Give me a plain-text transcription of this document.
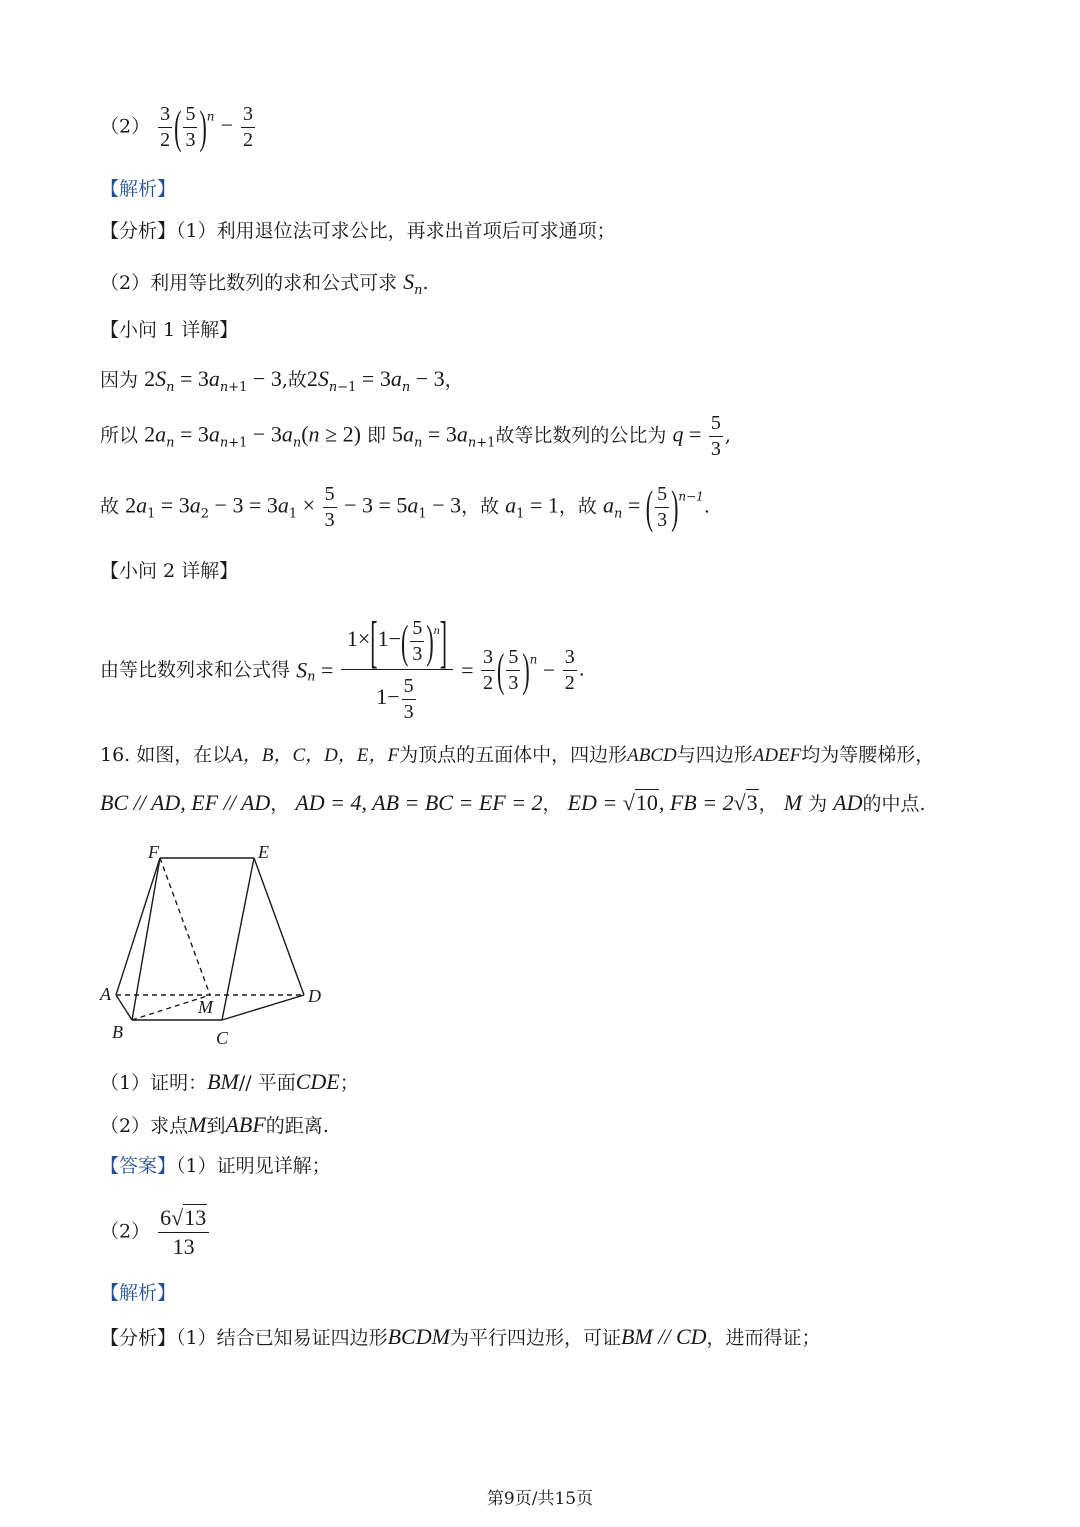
$(2) \frac{3}{2}$ ( $\frac{5}{3} )^n - \frac{3}{2}$
【解析】
【分析】（1）利用退位法可求公比，再求出首项后可求通项；
（2）利用等比数列的求和公式可求 $S_n$.
【小问 1 详解】
因为 $2S_n = 3a_{n+1} - 3$,故$2S_{n-1} = 3a_n - 3$，
所以 $2a_n = 3a_{n+1} - 3a_n(n \ge 2)$ 即 $5a_n = 3a_{n+1}$故等比数列的公比为 $q = \frac{5}{3}$ ,
故 $2a_1 = 3a_2 - 3 = 3a_1 \times \frac{5}{3} - 3 = 5a_1 - 3$，故 $a_1 = 1$，故 $a_n$ = ( $\frac{5}{3} )^{n-1}$.
【小问 2 详解】
由等比数列求和公式得 $S_n = \frac{1\times[1-( \frac{5}{3} )^n]}{1- \frac{5}{3}} = \frac{3}{2}$ ( $\frac{5}{3} )^n - \frac{3}{2}$ .
16. 如图，在以A，B，C，D，E，F为顶点的五面体中，四边形ABCD与四边形ADEF均为等腰梯形，
BC // AD, EF // AD， AD = 4, AB = BC = EF = 2， ED = √10, FB = 2√3， M 为 AD的中点.
F	E
A	D
M
B	C
（1）证明：BM// 平面CDE；
（2）求点M到ABF的距离.
【答案】（1）证明见详解；
$(2) \frac{6√13}{13}$
【解析】
【分析】（1）结合已知易证四边形BCDM为平行四边形，可证BM // CD，进而得证；
第9页/共15页
